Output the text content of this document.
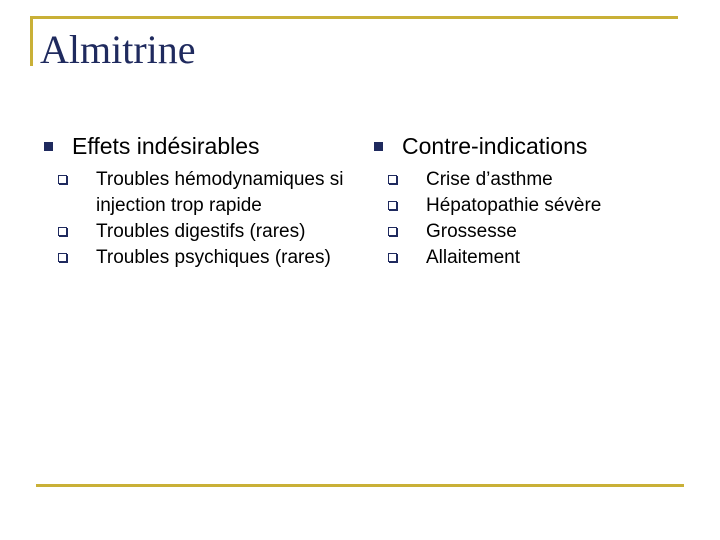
Almitrine
Effets indésirables
Troubles hémodynamiques si injection trop rapide
Troubles digestifs (rares)
Troubles psychiques (rares)
Contre-indications
Crise d’asthme
Hépatopathie sévère
Grossesse
Allaitement
